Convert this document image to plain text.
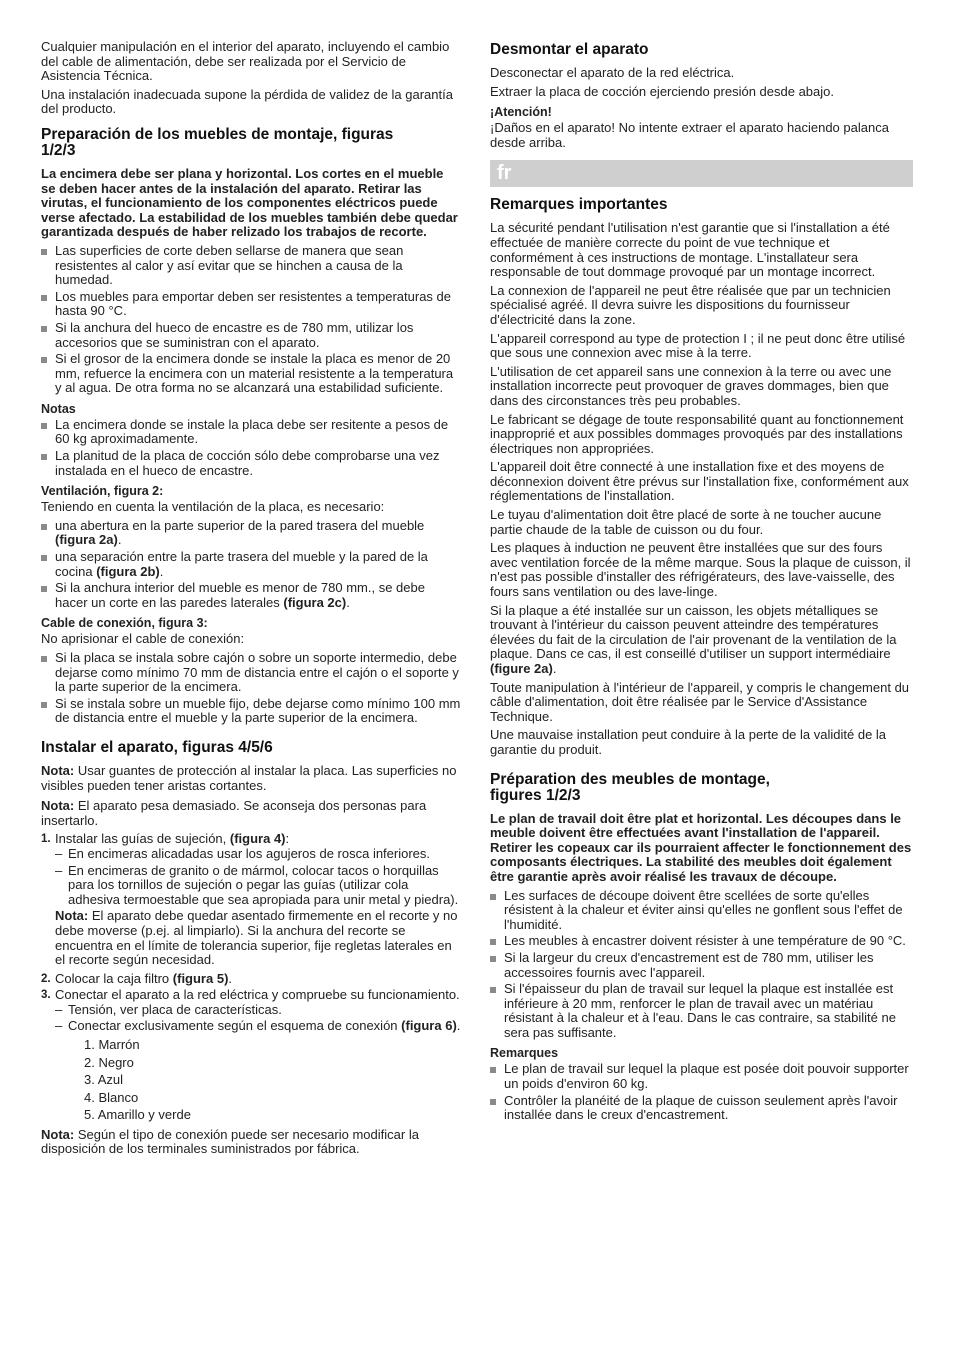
Cualquier manipulación en el interior del aparato, incluyendo el cambio del cable de alimentación, debe ser realizada por el Servicio de Asistencia Técnica.

Una instalación inadecuada supone la pérdida de validez de la garantía del producto.

Preparación de los muebles de montaje, figuras 1/2/3

La encimera debe ser plana y horizontal. Los cortes en el mueble se deben hacer antes de la instalación del aparato. Retirar las virutas, el funcionamiento de los componentes eléctricos puede verse afectado. La estabilidad de los muebles también debe quedar garantizada después de haber relizado los trabajos de recorte.

Las superficies de corte deben sellarse de manera que sean resistentes al calor y así evitar que se hinchen a causa de la humedad.
Los muebles para emportar deben ser resistentes a temperaturas de hasta 90 °C.
Si la anchura del hueco de encastre es de 780 mm, utilizar los accesorios que se suministran con el aparato.
Si el grosor de la encimera donde se instale la placa es menor de 20 mm, refuerce la encimera con un material resistente a la temperatura y al agua. De otra forma no se alcanzará una estabilidad suficiente.
Notas
La encimera donde se instale la placa debe ser resitente a pesos de 60 kg aproximadamente.
La planitud de la placa de cocción sólo debe comprobarse una vez instalada en el hueco de encastre.
Ventilación, figura 2:

Teniendo en cuenta la ventilación de la placa, es necesario:

una abertura en la parte superior de la pared trasera del mueble (figura 2a).
una separación entre la parte trasera del mueble y la pared de la cocina (figura 2b).
Si la anchura interior del mueble es menor de 780 mm., se debe hacer un corte en las paredes laterales (figura 2c).
Cable de conexión, figura 3:

No aprisionar el cable de conexión:

Si la placa se instala sobre cajón o sobre un soporte intermedio, debe dejarse como mínimo 70 mm de distancia entre el cajón o el soporte y la parte superior de la encimera.
Si se instala sobre un mueble fijo, debe dejarse como mínimo 100 mm de distancia entre el mueble y la parte superior de la encimera.
Instalar el aparato, figuras 4/5/6

Nota: Usar guantes de protección al instalar la placa. Las superficies no visibles pueden tener aristas cortantes.

Nota: El aparato pesa demasiado. Se aconseja dos personas para insertarlo.

1. Instalar las guías de sujeción, (figura 4):
– En encimeras alicadadas usar los agujeros de rosca inferiores.
– En encimeras de granito o de mármol, colocar tacos o horquillas para los tornillos de sujeción o pegar las guías (utilizar cola adhesiva termoestable que sea apropiada para unir metal y piedra).

Nota: El aparato debe quedar asentado firmemente en el recorte y no debe moverse (p.ej. al limpiarlo). Si la anchura del recorte se encuentra en el límite de tolerancia superior, fije regletas laterales en el recorte según necesidad.

2. Colocar la caja filtro (figura 5).
3. Conectar el aparato a la red eléctrica y compruebe su funcionamiento.
– Tensión, ver placa de características.
– Conectar exclusivamente según el esquema de conexión (figura 6).
1. Marrón
2. Negro
3. Azul
4. Blanco
5. Amarillo y verde

Nota: Según el tipo de conexión puede ser necesario modificar la disposición de los terminales suministrados por fábrica.

Desmontar el aparato

Desconectar el aparato de la red eléctrica.

Extraer la placa de cocción ejerciendo presión desde abajo.

¡Atención!

¡Daños en el aparato! No intente extraer el aparato haciendo palanca desde arriba.

fr
Remarques importantes

La sécurité pendant l'utilisation n'est garantie que si l'installation a été effectuée de manière correcte du point de vue technique et conformément à ces instructions de montage. L'installateur sera responsable de tout dommage provoqué par un montage incorrect.

La connexion de l'appareil ne peut être réalisée que par un technicien spécialisé agréé. Il devra suivre les dispositions du fournisseur d'électricité dans la zone.

L'appareil correspond au type de protection I ; il ne peut donc être utilisé que sous une connexion avec mise à la terre.

L'utilisation de cet appareil sans une connexion à la terre ou avec une installation incorrecte peut provoquer de graves dommages, bien que dans des circonstances très peu probables.

Le fabricant se dégage de toute responsabilité quant au fonctionnement inapproprié et aux possibles dommages provoqués par des installations électriques non appropriées.

L'appareil doit être connecté à une installation fixe et des moyens de déconnexion doivent être prévus sur l'installation fixe, conformément aux réglementations de l'installation.

Le tuyau d'alimentation doit être placé de sorte à ne toucher aucune partie chaude de la table de cuisson ou du four.

Les plaques à induction ne peuvent être installées que sur des fours avec ventilation forcée de la même marque. Sous la plaque de cuisson, il n'est pas possible d'installer des réfrigérateurs, des lave-vaisselle, des fours sans ventilation ou des lave-linge.

Si la plaque a été installée sur un caisson, les objets métalliques se trouvant à l'intérieur du caisson peuvent atteindre des températures élevées du fait de la circulation de l'air provenant de la ventilation de la plaque. Dans ce cas, il est conseillé d'utiliser un support intermédiaire (figure 2a).

Toute manipulation à l'intérieur de l'appareil, y compris le changement du câble d'alimentation, doit être réalisée par le Service d'Assistance Technique.

Une mauvaise installation peut conduire à la perte de la validité de la garantie du produit.

Préparation des meubles de montage, figures 1/2/3

Le plan de travail doit être plat et horizontal. Les découpes dans le meuble doivent être effectuées avant l'installation de l'appareil. Retirer les copeaux car ils pourraient affecter le fonctionnement des composants électriques. La stabilité des meubles doit également être garantie après avoir réalisé les travaux de découpe.

Les surfaces de découpe doivent être scellées de sorte qu'elles résistent à la chaleur et éviter ainsi qu'elles ne gonflent sous l'effet de l'humidité.
Les meubles à encastrer doivent résister à une température de 90 °C.
Si la largeur du creux d'encastrement est de 780 mm, utiliser les accessoires fournis avec l'appareil.
Si l'épaisseur du plan de travail sur lequel la plaque est installée est inférieure à 20 mm, renforcer le plan de travail avec un matériau résistant à la chaleur et à l'eau. Dans le cas contraire, sa stabilité ne sera pas suffisante.
Remarques
Le plan de travail sur lequel la plaque est posée doit pouvoir supporter un poids d'environ 60 kg.
Contrôler la planéité de la plaque de cuisson seulement après l'avoir installée dans le creux d'encastrement.
